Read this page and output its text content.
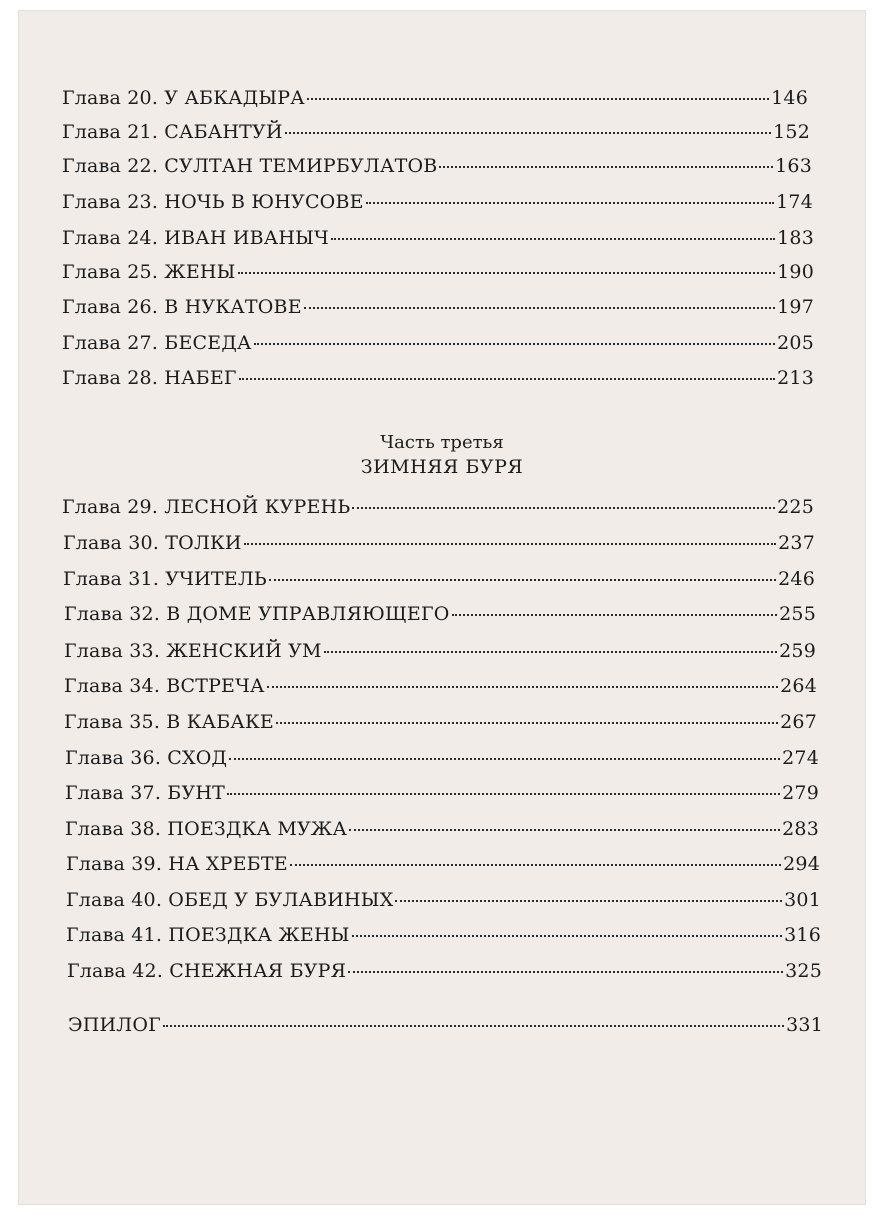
Глава 20. У АБКАДЫРА	146
Глава 21. САБАНТУЙ	152
Глава 22. СУЛТАН ТЕМИРБУЛАТОВ	163
Глава 23. НОЧЬ В ЮНУСОВЕ	174
Глава 24. ИВАН ИВАНЫЧ	183
Глава 25. ЖЕНЫ	190
Глава 26. В НУКАТОВЕ	197
Глава 27. БЕСЕДА	205
Глава 28. НАБЕГ	213
Часть третья
ЗИМНЯЯ БУРЯ
Глава 29. ЛЕСНОЙ КУРЕНЬ	225
Глава 30. ТОЛКИ	237
Глава 31. УЧИТЕЛЬ	246
Глава 32. В ДОМЕ УПРАВЛЯЮЩЕГО	255
Глава 33. ЖЕНСКИЙ УМ	259
Глава 34. ВСТРЕЧА	264
Глава 35. В КАБАКЕ	267
Глава 36. СХОД	274
Глава 37. БУНТ	279
Глава 38. ПОЕЗДКА МУЖА	283
Глава 39. НА ХРЕБТЕ	294
Глава 40. ОБЕД У БУЛАВИНЫХ	301
Глава 41. ПОЕЗДКА ЖЕНЫ	316
Глава 42. СНЕЖНАЯ БУРЯ	325
ЭПИЛОГ	331
